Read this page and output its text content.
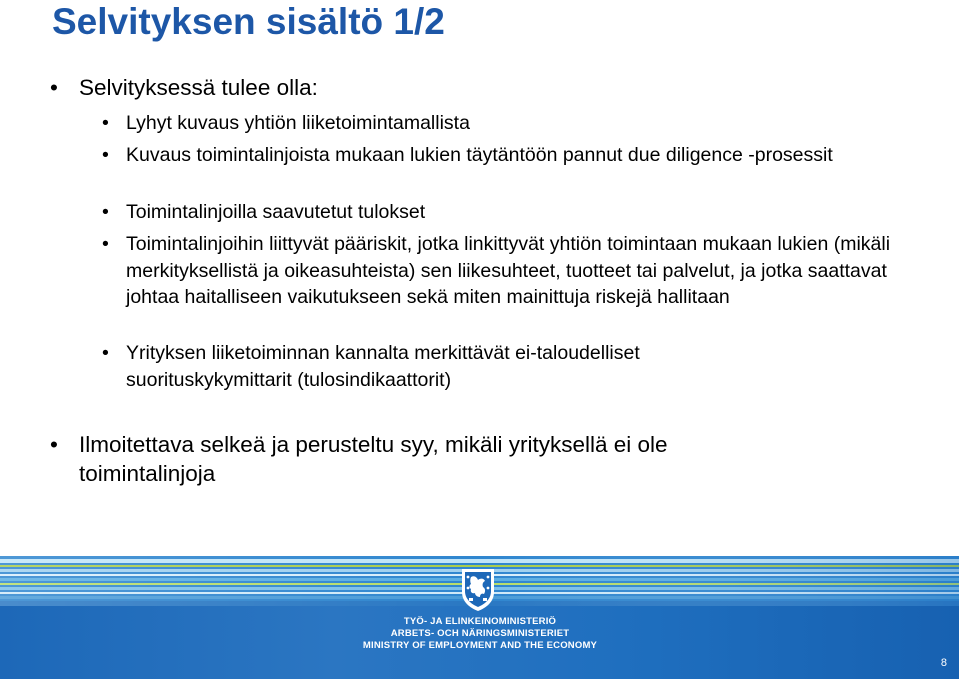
Selvityksen sisältö 1/2
• Selvityksessä tulee olla:
• Lyhyt kuvaus yhtiön liiketoimintamallista
• Kuvaus toimintalinjoista mukaan lukien täytäntöön pannut due diligence -prosessit
• Toimintalinjoilla saavutetut tulokset
• Toimintalinjoihin liittyvät pääriskit, jotka linkittyvät yhtiön toimintaan mukaan lukien (mikäli merkityksellistä ja oikeasuhteista) sen liikesuhteet, tuotteet tai palvelut, ja jotka saattavat johtaa haitalliseen vaikutukseen sekä miten mainittuja riskejä hallitaan
• Yrityksen liiketoiminnan kannalta merkittävät ei-taloudelliset suorituskykymittarit (tulosindikaattorit)
• Ilmoitettava selkeä ja perusteltu syy, mikäli yrityksellä ei ole toimintalinjoja
TYÖ- JA ELINKEINOMINISTERIÖ
ARBETS- OCH NÄRINGSMINISTERIET
MINISTRY OF EMPLOYMENT AND THE ECONOMY
8
